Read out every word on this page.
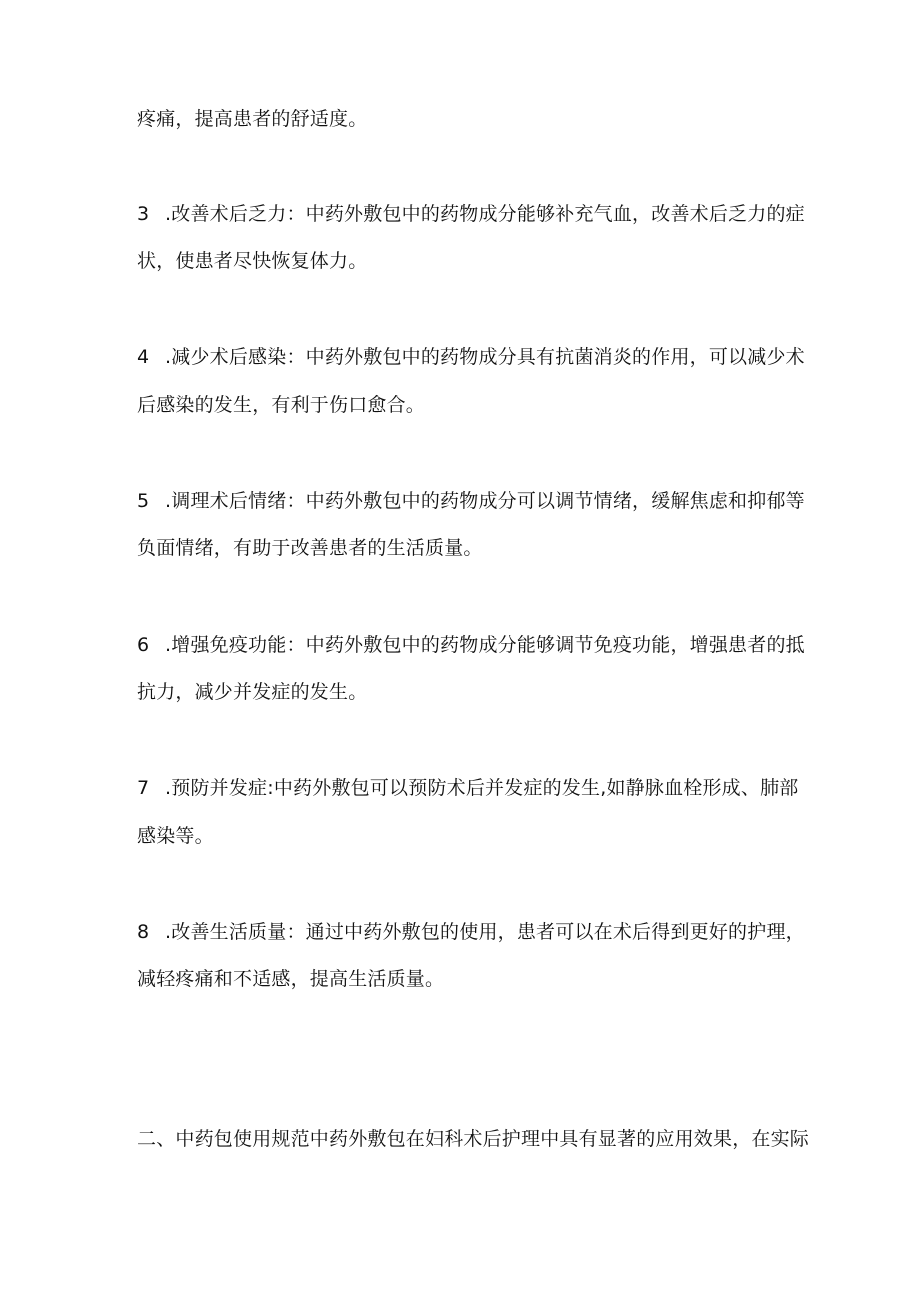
疼痛，提高患者的舒适度。
3 .改善术后乏力：中药外敷包中的药物成分能够补充气血，改善术后乏力的症
状，使患者尽快恢复体力。
4 .减少术后感染：中药外敷包中的药物成分具有抗菌消炎的作用，可以减少术
后感染的发生，有利于伤口愈合。
5 .调理术后情绪：中药外敷包中的药物成分可以调节情绪，缓解焦虑和抑郁等
负面情绪，有助于改善患者的生活质量。
6 .增强免疫功能：中药外敷包中的药物成分能够调节免疫功能，增强患者的抵
抗力，减少并发症的发生。
7 .预防并发症:中药外敷包可以预防术后并发症的发生,如静脉血栓形成、肺部
感染等。
8 .改善生活质量：通过中药外敷包的使用，患者可以在术后得到更好的护理，
减轻疼痛和不适感，提高生活质量。
二、中药包使用规范中药外敷包在妇科术后护理中具有显著的应用效果，在实际
